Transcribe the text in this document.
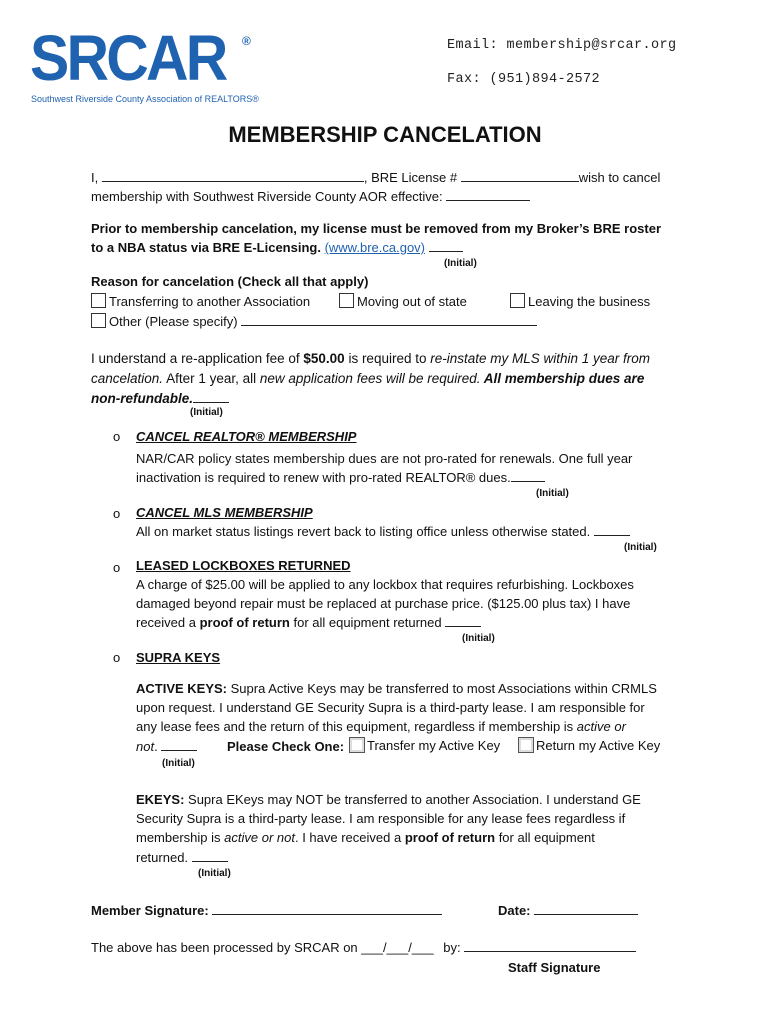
SRCAR ®
Southwest Riverside County Association of REALTORS®
Email: membership@srcar.org
Fax: (951)894-2572
MEMBERSHIP CANCELATION
I,	, BRE License #	wish to cancel
membership with Southwest Riverside County AOR effective:
Prior to membership cancelation, my license must be removed from my Broker’s BRE roster
to a NBA status via BRE E-Licensing. (www.bre.ca.gov)
(Initial)
Reason for cancelation (Check all that apply)
Transferring to another Association	Moving out of state	Leaving the business
Other (Please specify)
I understand a re-application fee of $50.00 is required to re-instate my MLS within 1 year from
cancelation. After 1 year, all new application fees will be required. All membership dues are
non-refundable.
(Initial)
o CANCEL REALTOR® MEMBERSHIP
NAR/CAR policy states membership dues are not pro-rated for renewals. One full year
inactivation is required to renew with pro-rated REALTOR® dues.
(Initial)
o CANCEL MLS MEMBERSHIP
All on market status listings revert back to listing office unless otherwise stated.
(Initial)
o LEASED LOCKBOXES RETURNED
A charge of $25.00 will be applied to any lockbox that requires refurbishing. Lockboxes
damaged beyond repair must be replaced at purchase price. ($125.00 plus tax) I have
received a proof of return for all equipment returned
(Initial)
o SUPRA KEYS
ACTIVE KEYS: Supra Active Keys may be transferred to most Associations within CRMLS
upon request. I understand GE Security Supra is a third-party lease. I am responsible for
any lease fees and the return of this equipment, regardless if membership is active or
not.	Please Check One:	Transfer my Active Key	Return my Active Key
(Initial)
EKEYS: Supra EKeys may NOT be transferred to another Association. I understand GE
Security Supra is a third-party lease. I am responsible for any lease fees regardless if
membership is active or not. I have received a proof of return for all equipment
returned.
(Initial)
Member Signature:	Date:
The above has been processed by SRCAR on ___/___/___ by:
Staff Signature
